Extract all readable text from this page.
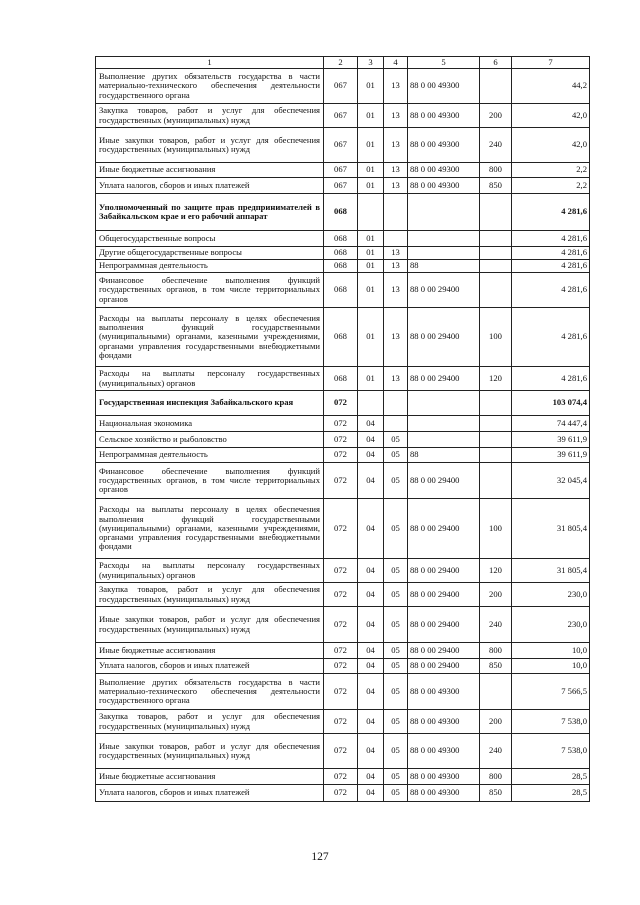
1	2	3	4	5	6	7
Выполнение других обязательств государства в части материально-технического обеспечения деятельности государственного органа	067	01	13	88 0 00 49300		44,2
Закупка товаров, работ и услуг для обеспечения государственных (муниципальных) нужд	067	01	13	88 0 00 49300	200	42,0
Иные закупки товаров, работ и услуг для обеспечения государственных (муниципальных) нужд	067	01	13	88 0 00 49300	240	42,0
Иные бюджетные ассигнования	067	01	13	88 0 00 49300	800	2,2
Уплата налогов, сборов и иных платежей	067	01	13	88 0 00 49300	850	2,2
Уполномоченный по защите прав предпринимателей в Забайкальском крае и его рабочий аппарат	068					4 281,6
Общегосударственные вопросы	068	01				4 281,6
Другие общегосударственные вопросы	068	01	13			4 281,6
Непрограммная деятельность	068	01	13	88		4 281,6
Финансовое обеспечение выполнения функций государственных органов, в том числе территориальных органов	068	01	13	88 0 00 29400		4 281,6
Расходы на выплаты персоналу в целях обеспечения выполнения функций государственными (муниципальными) органами, казенными учреждениями, органами управления государственными внебюджетными фондами	068	01	13	88 0 00 29400	100	4 281,6
Расходы на выплаты персоналу государственных (муниципальных) органов	068	01	13	88 0 00 29400	120	4 281,6
Государственная инспекция Забайкальского края	072					103 074,4
Национальная экономика	072	04				74 447,4
Сельское хозяйство и рыболовство	072	04	05			39 611,9
Непрограммная деятельность	072	04	05	88		39 611,9
Финансовое обеспечение выполнения функций государственных органов, в том числе территориальных органов	072	04	05	88 0 00 29400		32 045,4
Расходы на выплаты персоналу в целях обеспечения выполнения функций государственными (муниципальными) органами, казенными учреждениями, органами управления государственными внебюджетными фондами	072	04	05	88 0 00 29400	100	31 805,4
Расходы на выплаты персоналу государственных (муниципальных) органов	072	04	05	88 0 00 29400	120	31 805,4
Закупка товаров, работ и услуг для обеспечения государственных (муниципальных) нужд	072	04	05	88 0 00 29400	200	230,0
Иные закупки товаров, работ и услуг для обеспечения государственных (муниципальных) нужд	072	04	05	88 0 00 29400	240	230,0
Иные бюджетные ассигнования	072	04	05	88 0 00 29400	800	10,0
Уплата налогов, сборов и иных платежей	072	04	05	88 0 00 29400	850	10,0
Выполнение других обязательств государства в части материально-технического обеспечения деятельности государственного органа	072	04	05	88 0 00 49300		7 566,5
Закупка товаров, работ и услуг для обеспечения государственных (муниципальных) нужд	072	04	05	88 0 00 49300	200	7 538,0
Иные закупки товаров, работ и услуг для обеспечения государственных (муниципальных) нужд	072	04	05	88 0 00 49300	240	7 538,0
Иные бюджетные ассигнования	072	04	05	88 0 00 49300	800	28,5
Уплата налогов, сборов и иных платежей	072	04	05	88 0 00 49300	850	28,5
127
